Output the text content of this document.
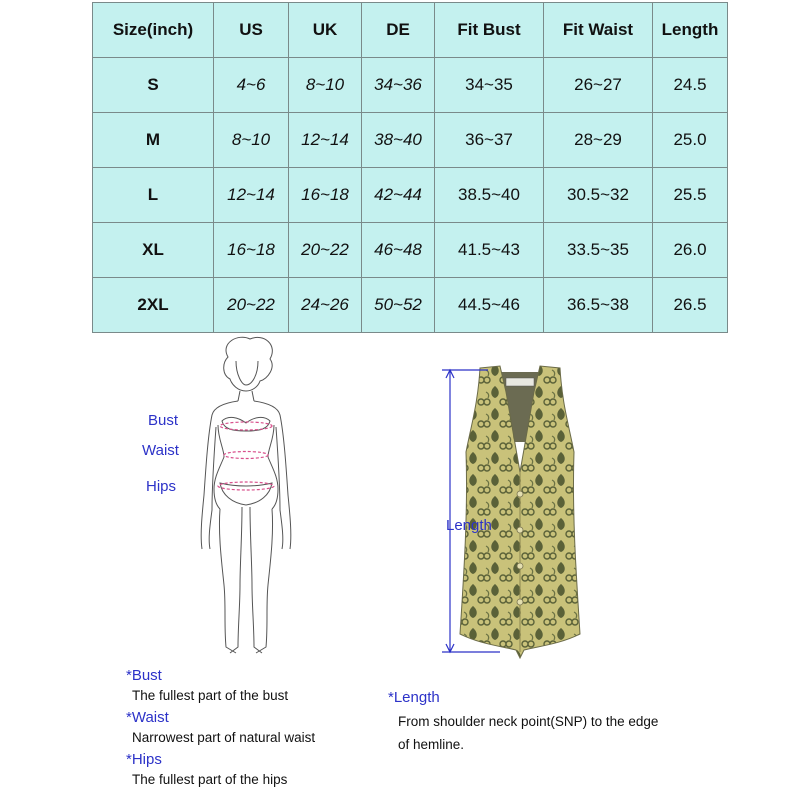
Size(inch)	US	UK	DE	Fit Bust	Fit Waist	Length
S	4~6	8~10	34~36	34~35	26~27	24.5
M	8~10	12~14	38~40	36~37	28~29	25.0
L	12~14	16~18	42~44	38.5~40	30.5~32	25.5
XL	16~18	20~22	46~48	41.5~43	33.5~35	26.0
2XL	20~22	24~26	50~52	44.5~46	36.5~38	26.5
Bust
Waist
Hips
Length
*Bust
The fullest part of the bust
*Waist
Narrowest part of natural waist
*Hips
The fullest part of the hips
*Length
From shoulder neck point(SNP) to the edge
of hemline.
